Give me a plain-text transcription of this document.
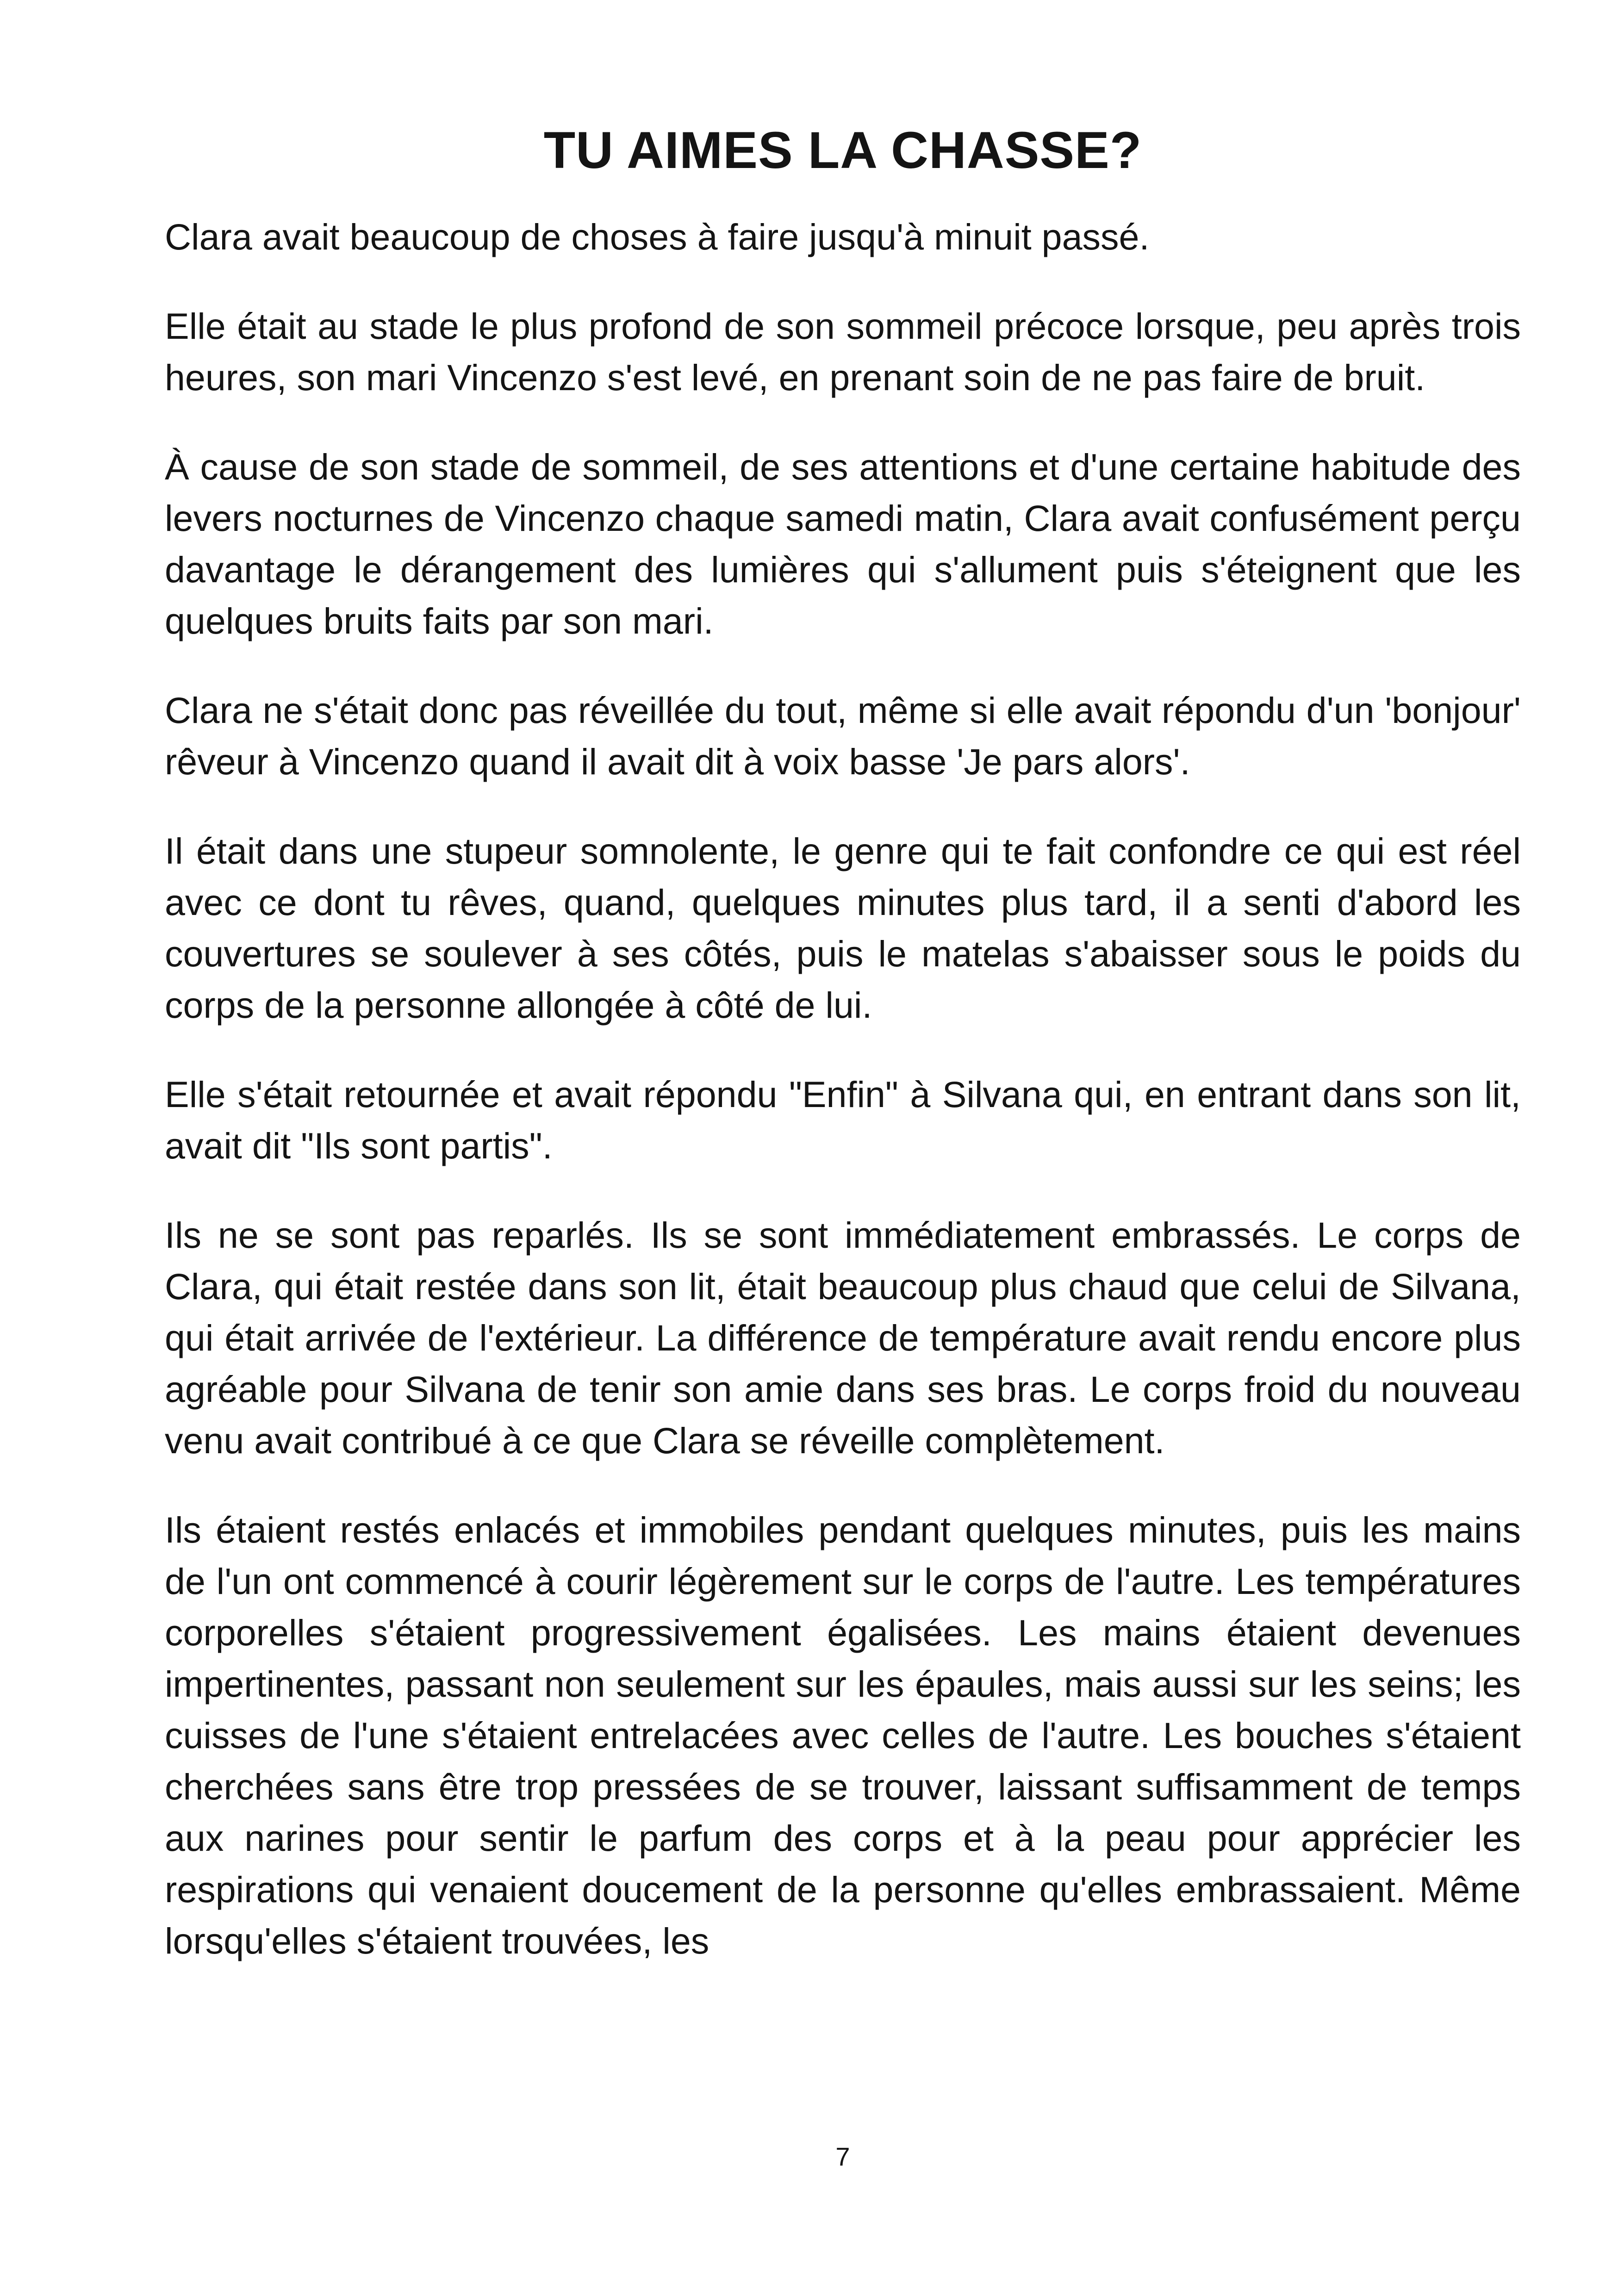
TU AIMES LA CHASSE?

Clara avait beaucoup de choses à faire jusqu'à minuit passé.

Elle était au stade le plus profond de son sommeil précoce lorsque, peu après trois heures, son mari Vincenzo s'est levé, en prenant soin de ne pas faire de bruit.

À cause de son stade de sommeil, de ses attentions et d'une certaine habitude des levers nocturnes de Vincenzo chaque samedi matin, Clara avait confusément perçu davantage le dérangement des lumières qui s'allument puis s'éteignent que les quelques bruits faits par son mari.

Clara ne s'était donc pas réveillée du tout, même si elle avait répondu d'un 'bonjour' rêveur à Vincenzo quand il avait dit à voix basse 'Je pars alors'.

Il était dans une stupeur somnolente, le genre qui te fait confondre ce qui est réel avec ce dont tu rêves, quand, quelques minutes plus tard, il a senti d'abord les couvertures se soulever à ses côtés, puis le matelas s'abaisser sous le poids du corps de la personne allongée à côté de lui.

Elle s'était retournée et avait répondu "Enfin" à Silvana qui, en entrant dans son lit, avait dit "Ils sont partis".

Ils ne se sont pas reparlés. Ils se sont immédiatement embrassés. Le corps de Clara, qui était restée dans son lit, était beaucoup plus chaud que celui de Silvana, qui était arrivée de l'extérieur. La différence de température avait rendu encore plus agréable pour Silvana de tenir son amie dans ses bras. Le corps froid du nouveau venu avait contribué à ce que Clara se réveille complètement.

Ils étaient restés enlacés et immobiles pendant quelques minutes, puis les mains de l'un ont commencé à courir légèrement sur le corps de l'autre. Les températures corporelles s'étaient progressivement égalisées. Les mains étaient devenues impertinentes, passant non seulement sur les épaules, mais aussi sur les seins; les cuisses de l'une s'étaient entrelacées avec celles de l'autre. Les bouches s'étaient cherchées sans être trop pressées de se trouver, laissant suffisamment de temps aux narines pour sentir le parfum des corps et à la peau pour apprécier les respirations qui venaient doucement de la personne qu'elles embrassaient. Même lorsqu'elles s'étaient trouvées, les

7
